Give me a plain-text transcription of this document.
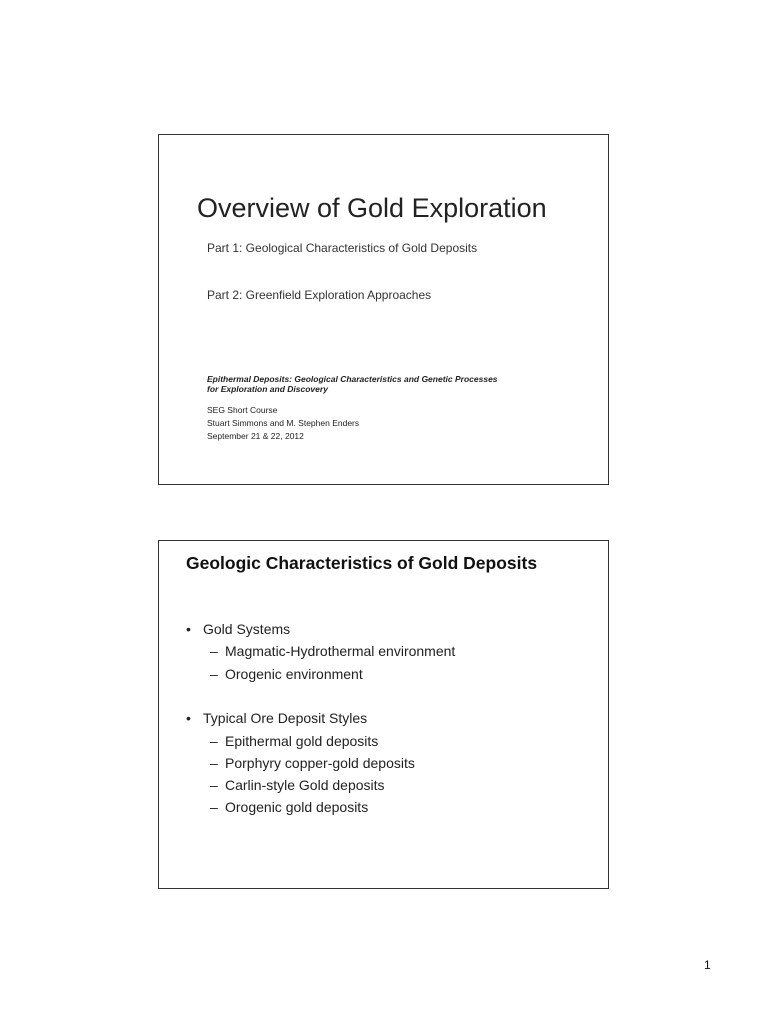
Overview of Gold Exploration
Part 1: Geological Characteristics of Gold Deposits
Part 2: Greenfield Exploration Approaches
Epithermal Deposits: Geological Characteristics and Genetic Processes
for Exploration and Discovery
SEG Short Course
Stuart Simmons and M. Stephen Enders
September 21 & 22, 2012
Geologic Characteristics of Gold Deposits
• Gold Systems
– Magmatic-Hydrothermal environment
– Orogenic environment
• Typical Ore Deposit Styles
– Epithermal gold deposits
– Porphyry copper-gold deposits
– Carlin-style Gold deposits
– Orogenic gold deposits
1
